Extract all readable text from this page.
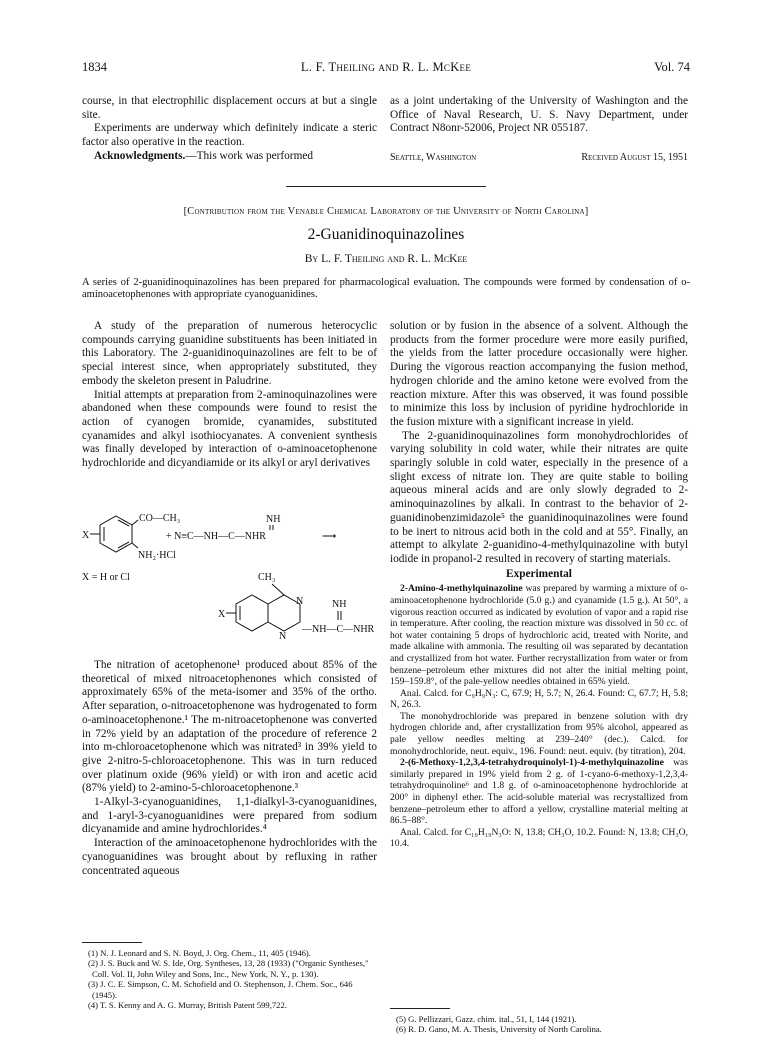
1834	L. F. Theiling and R. L. McKee	Vol. 74

course, in that electrophilic displacement occurs at but a single site.

Experiments are underway which definitely indicate a steric factor also operative in the reaction.

Acknowledgments.—This work was performed

as a joint undertaking of the University of Washington and the Office of Naval Research, U. S. Navy Department, under Contract N8onr-52006, Project NR 055187.

Seattle, Washington	Received August 15, 1951
[Contribution from the Venable Chemical Laboratory of the University of North Carolina]
2-Guanidinoquinazolines
By L. F. Theiling and R. L. McKee
A series of 2-guanidinoquinazolines has been prepared for pharmacological evaluation. The compounds were formed by condensation of o-aminoacetophenones with appropriate cyanoguanidines.

A study of the preparation of numerous heterocyclic compounds carrying guanidine substituents has been initiated in this Laboratory. The 2-guanidinoquinazolines are felt to be of special interest since, when appropriately substituted, they embody the skeleton present in Paludrine.

Initial attempts at preparation from 2-aminoquinazolines were abandoned when these compounds were found to resist the action of cyanogen bromide, cyanamides, substituted cyanamides and alkyl isothiocyanates. A convenient synthesis was finally developed by interaction of o-aminoacetophenone hydrochloride and dicyandiamide or its alkyl or aryl derivatives

X
CO—CH₃
NH₂·HCl
+ N≡C—NH—C—NHR
NH
⟶
X = H or Cl	CH₃
X
N
N
—NH—C—NHR
NH

The nitration of acetophenone¹ produced about 85% of the theoretical of mixed nitroacetophenones which consisted of approximately 65% of the meta-isomer and 35% of the ortho. After separation, o-nitroacetophenone was hydrogenated to form o-aminoacetophenone.¹ The m-nitroacetophenone was converted in 72% yield by an adaptation of the procedure of reference 2 into m-chloroacetophenone which was nitrated³ in 39% yield to give 2-nitro-5-chloroacetophenone. This was in turn reduced over platinum oxide (96% yield) or with iron and acetic acid (87% yield) to 2-amino-5-chloroacetophenone.³

1-Alkyl-3-cyanoguanidines, 1,1-dialkyl-3-cyanoguanidines, and 1-aryl-3-cyanoguanidines were prepared from sodium dicyanamide and amine hydrochlorides.⁴

Interaction of the aminoacetophenone hydrochlorides with the cyanoguanidines was brought about by refluxing in rather concentrated aqueous

(1) N. J. Leonard and S. N. Boyd, J. Org. Chem., 11, 405 (1946).
(2) J. S. Buck and W. S. Ide, Org. Syntheses, 13, 28 (1933) ("Organic Syntheses," Coll. Vol. II, John Wiley and Sons, Inc., New York, N. Y., p. 130).
(3) J. C. E. Simpson, C. M. Schofield and O. Stephenson, J. Chem. Soc., 646 (1945).
(4) T. S. Kenny and A. G. Murray, British Patent 599,722.

solution or by fusion in the absence of a solvent. Although the products from the former procedure were more easily purified, the yields from the latter procedure occasionally were higher. During the vigorous reaction accompanying the fusion method, hydrogen chloride and the amino ketone were evolved from the reaction mixture. After this was observed, it was found possible to minimize this loss by inclusion of pyridine hydrochloride in the fusion mixture with a significant increase in yield.

The 2-guanidinoquinazolines form monohydrochlorides of varying solubility in cold water, while their nitrates are quite sparingly soluble in cold water, especially in the presence of a slight excess of nitrate ion. They are quite stable to boiling aqueous mineral acids and are only slowly degraded to 2-aminoquinazolines by alkali. In contrast to the behavior of 2-guanidinobenzimidazole⁵ the guanidinoquinazolines were found to be inert to nitrous acid both in the cold and at 55°. Finally, an attempt to alkylate 2-guanidino-4-methylquinazoline with butyl iodide in propanol-2 resulted in recovery of starting materials.

Experimental

2-Amino-4-methylquinazoline was prepared by warming a mixture of o-aminoacetophenone hydrochloride (5.0 g.) and cyanamide (1.5 g.). At 50°, a vigorous reaction occurred as indicated by evolution of vapor and a rapid rise in temperature. After cooling, the reaction mixture was dissolved in 50 cc. of hot water containing 5 drops of hydrochloric acid, treated with Norite, and made alkaline with ammonia. The resulting oil was separated by decantation and crystallized from hot water. Further recrystallization from water or from benzene–petroleum ether mixtures did not alter the initial melting point, 159–159.8°, of the pale-yellow needles obtained in 65% yield.

Anal. Calcd. for C₉H₉N₃: C, 67.9; H, 5.7; N, 26.4. Found: C, 67.7; H, 5.8; N, 26.3.

The monohydrochloride was prepared in benzene solution with dry hydrogen chloride and, after crystallization from 95% alcohol, appeared as pale yellow needles melting at 239–240° (dec.). Calcd. for monohydrochloride, neut. equiv., 196. Found: neut. equiv. (by titration), 204.

2-(6-Methoxy-1,2,3,4-tetrahydroquinolyl-1)-4-methylquinazoline was similarly prepared in 19% yield from 2 g. of 1-cyano-6-methoxy-1,2,3,4-tetrahydroquinoline⁶ and 1.8 g. of o-aminoacetophenone hydrochloride at 200° in diphenyl ether. The acid-soluble material was recrystallized from benzene–petroleum ether to afford a yellow, crystalline material melting at 86.5–88°.

Anal. Calcd. for C₁₉H₁₉N₃O: N, 13.8; CH₃O, 10.2. Found: N, 13.8; CH₃O, 10.4.

(5) G. Pellizzari, Gazz. chim. ital., 51, I, 144 (1921).
(6) R. D. Gano, M. A. Thesis, University of North Carolina.
